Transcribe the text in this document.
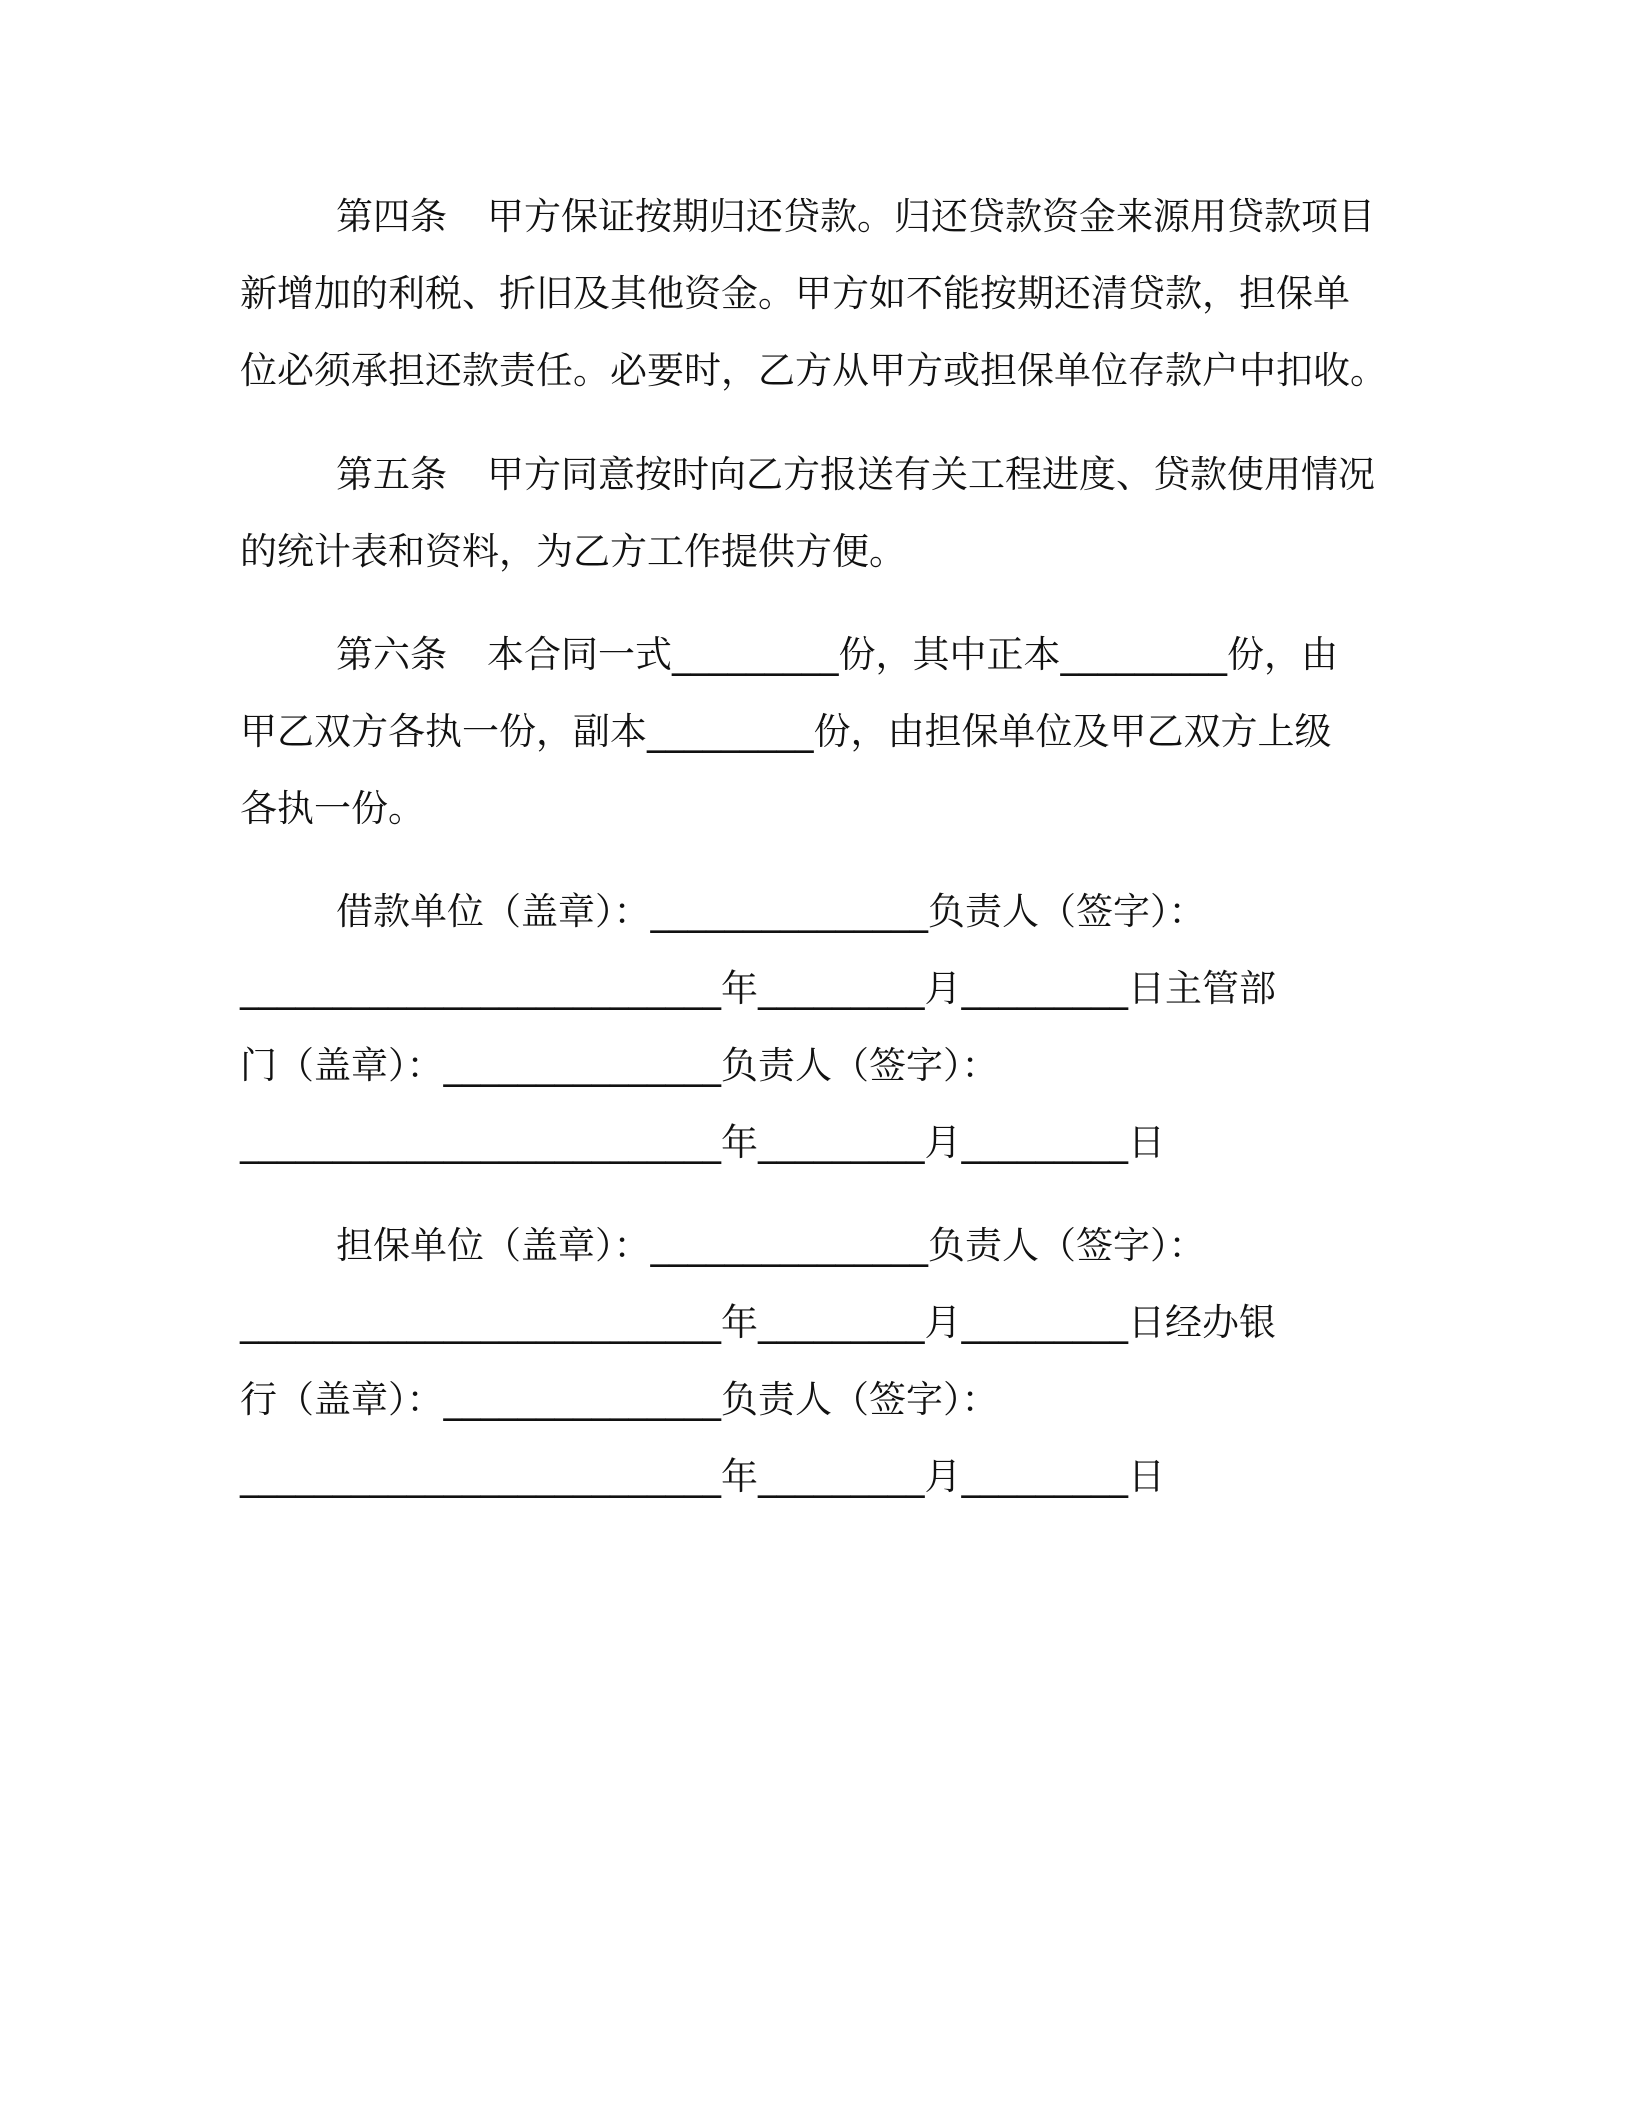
第四条 甲方保证按期归还贷款。归还贷款资金来源用贷款项目
新增加的利税、折旧及其他资金。甲方如不能按期还清贷款，担保单
位必须承担还款责任。必要时，乙方从甲方或担保单位存款户中扣收。
第五条 甲方同意按时向乙方报送有关工程进度、贷款使用情况
的统计表和资料，为乙方工作提供方便。
第六条 本合同一式_________份，其中正本_________份，由
甲乙双方各执一份，副本_________份，由担保单位及甲乙双方上级
各执一份。
借款单位（盖章）：_______________负责人（签字）：
__________________________年_________月_________日主管部
门（盖章）：_______________负责人（签字）：
__________________________年_________月_________日
担保单位（盖章）：_______________负责人（签字）：
__________________________年_________月_________日经办银
行（盖章）：_______________负责人（签字）：
__________________________年_________月_________日
